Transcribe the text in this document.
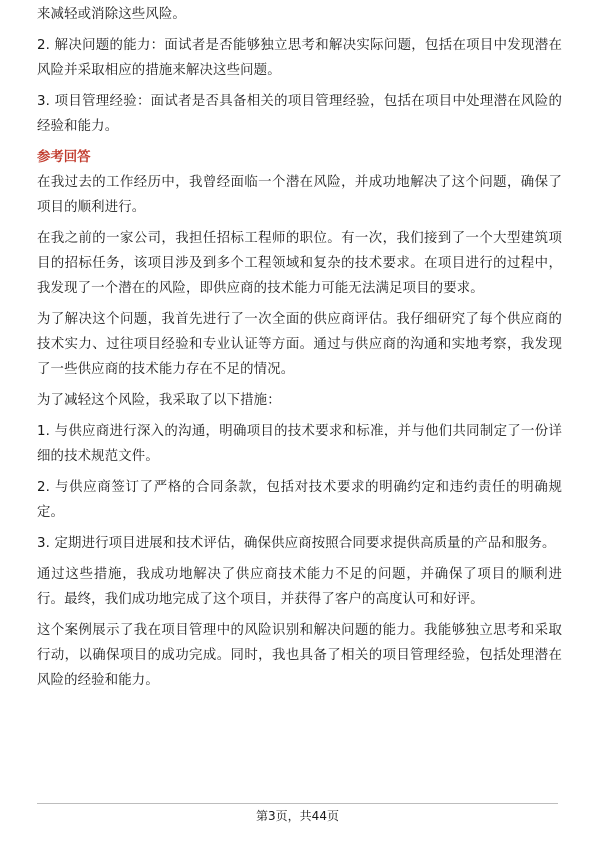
来减轻或消除这些风险。

2. 解决问题的能力：面试者是否能够独立思考和解决实际问题，包括在项目中发现潜在风险并采取相应的措施来解决这些问题。

3. 项目管理经验：面试者是否具备相关的项目管理经验，包括在项目中处理潜在风险的经验和能力。

参考回答

在我过去的工作经历中，我曾经面临一个潜在风险，并成功地解决了这个问题，确保了项目的顺利进行。

在我之前的一家公司，我担任招标工程师的职位。有一次，我们接到了一个大型建筑项目的招标任务，该项目涉及到多个工程领域和复杂的技术要求。在项目进行的过程中，我发现了一个潜在的风险，即供应商的技术能力可能无法满足项目的要求。

为了解决这个问题，我首先进行了一次全面的供应商评估。我仔细研究了每个供应商的技术实力、过往项目经验和专业认证等方面。通过与供应商的沟通和实地考察，我发现了一些供应商的技术能力存在不足的情况。

为了减轻这个风险，我采取了以下措施：

1. 与供应商进行深入的沟通，明确项目的技术要求和标准，并与他们共同制定了一份详细的技术规范文件。

2. 与供应商签订了严格的合同条款，包括对技术要求的明确约定和违约责任的明确规定。

3. 定期进行项目进展和技术评估，确保供应商按照合同要求提供高质量的产品和服务。

通过这些措施，我成功地解决了供应商技术能力不足的问题，并确保了项目的顺利进行。最终，我们成功地完成了这个项目，并获得了客户的高度认可和好评。

这个案例展示了我在项目管理中的风险识别和解决问题的能力。我能够独立思考和采取行动，以确保项目的成功完成。同时，我也具备了相关的项目管理经验，包括处理潜在风险的经验和能力。

第3页，共44页
